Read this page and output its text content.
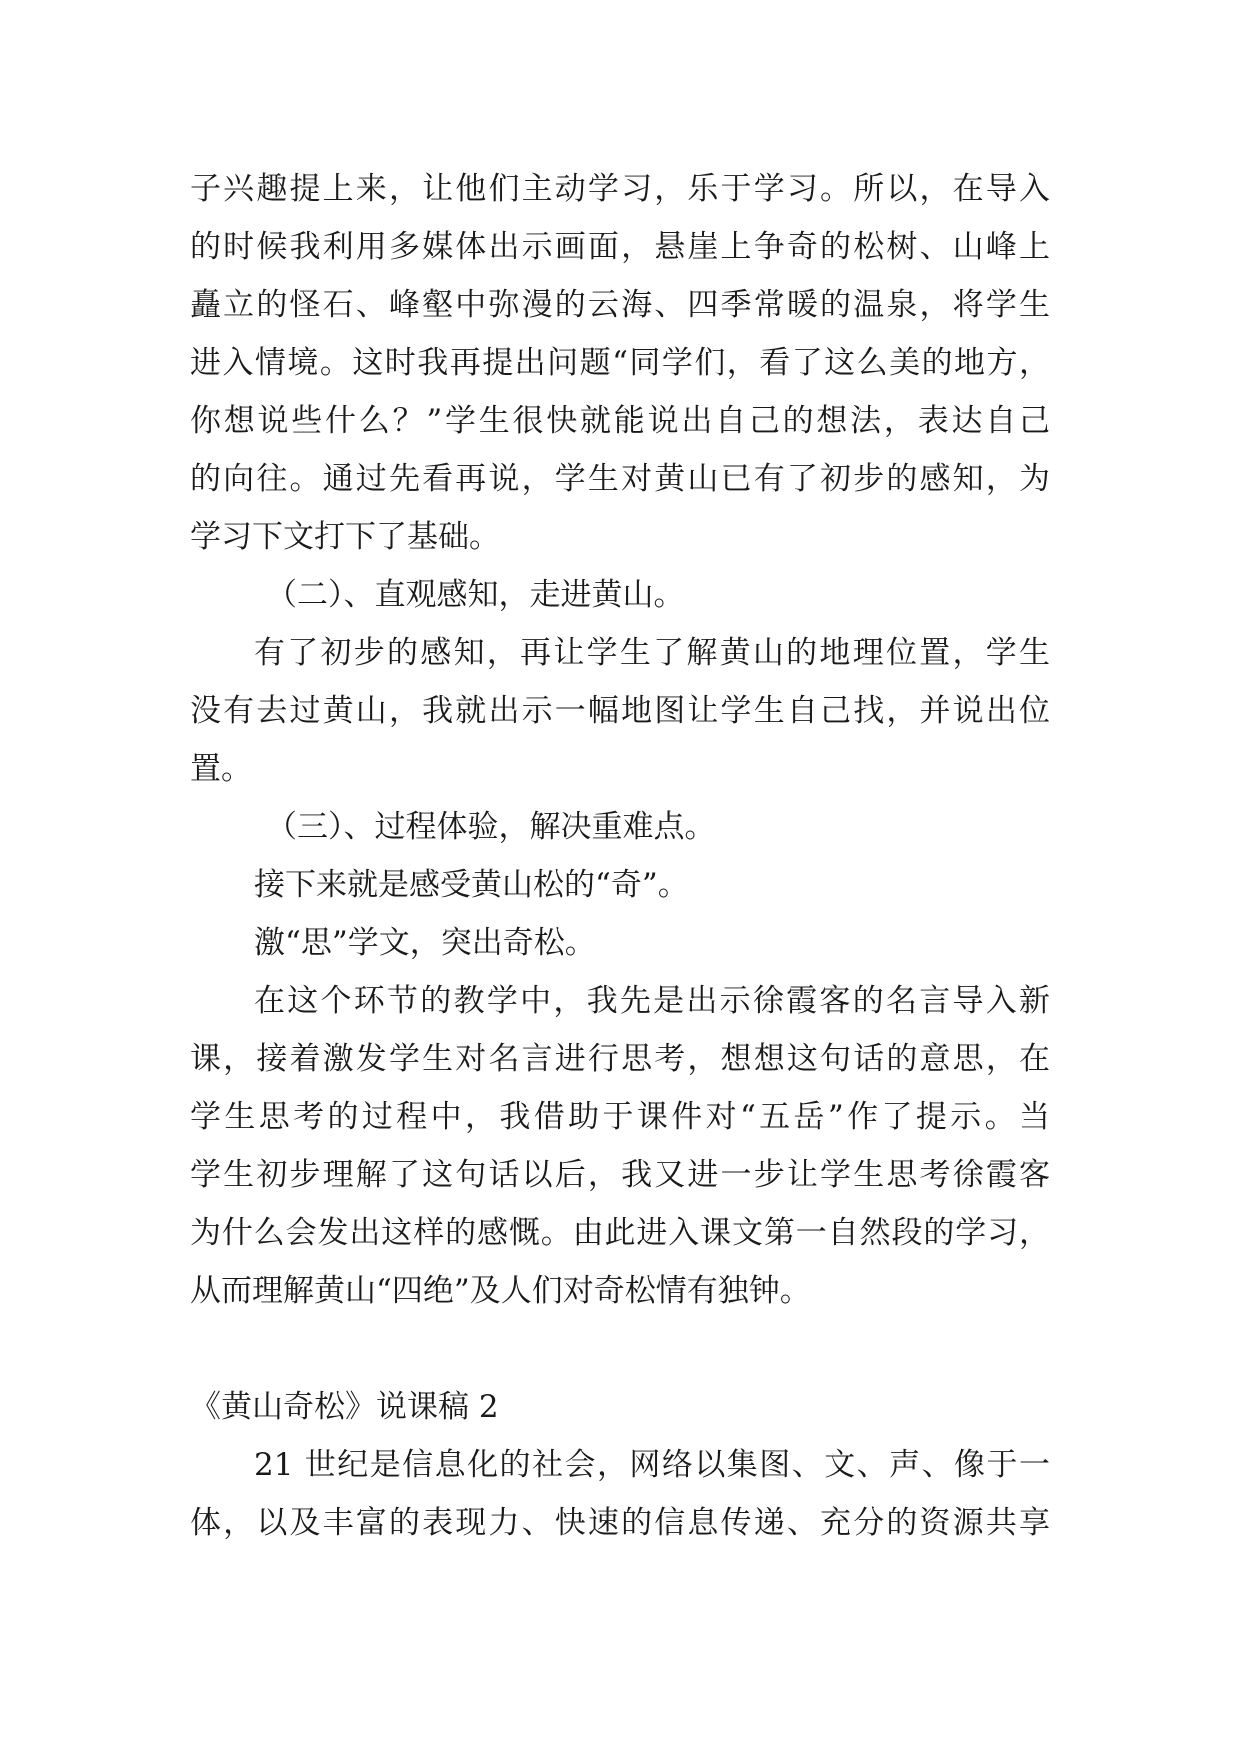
子兴趣提上来，让他们主动学习，乐于学习。所以，在导入
的时候我利用多媒体出示画面，悬崖上争奇的松树、山峰上
矗立的怪石、峰壑中弥漫的云海、四季常暖的温泉，将学生
进入情境。这时我再提出问题“同学们，看了这么美的地方，
你想说些什么？”学生很快就能说出自己的想法，表达自己
的向往。通过先看再说，学生对黄山已有了初步的感知，为
学习下文打下了基础。
（二）、直观感知，走进黄山。
有了初步的感知，再让学生了解黄山的地理位置，学生
没有去过黄山，我就出示一幅地图让学生自己找，并说出位
置。
（三）、过程体验，解决重难点。
接下来就是感受黄山松的“奇”。
激“思”学文，突出奇松。
在这个环节的教学中，我先是出示徐霞客的名言导入新
课，接着激发学生对名言进行思考，想想这句话的意思，在
学生思考的过程中，我借助于课件对“五岳”作了提示。当
学生初步理解了这句话以后，我又进一步让学生思考徐霞客
为什么会发出这样的感慨。由此进入课文第一自然段的学习，
从而理解黄山“四绝”及人们对奇松情有独钟。
《黄山奇松》说课稿 2
21 世纪是信息化的社会，网络以集图、文、声、像于一
体，以及丰富的表现力、快速的信息传递、充分的资源共享
